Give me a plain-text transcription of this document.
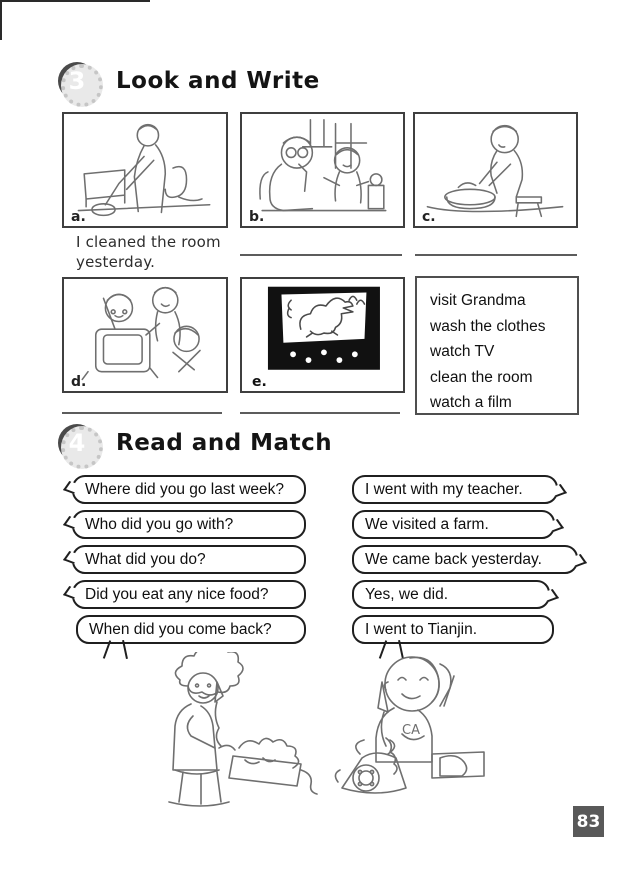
3	Look and Write
a.	b.	c.
I cleaned the room
yesterday.
d.	e.
visit Grandma
wash the clothes
watch TV
clean the room
watch a film
4	Read and Match
Where did you go last week?
Who did you go with?
What did you do?
Did you eat any nice food?
When did you come back?
I went with my teacher.
We visited a farm.
We came back yesterday.
Yes, we did.
I went to Tianjin.
CA
83
